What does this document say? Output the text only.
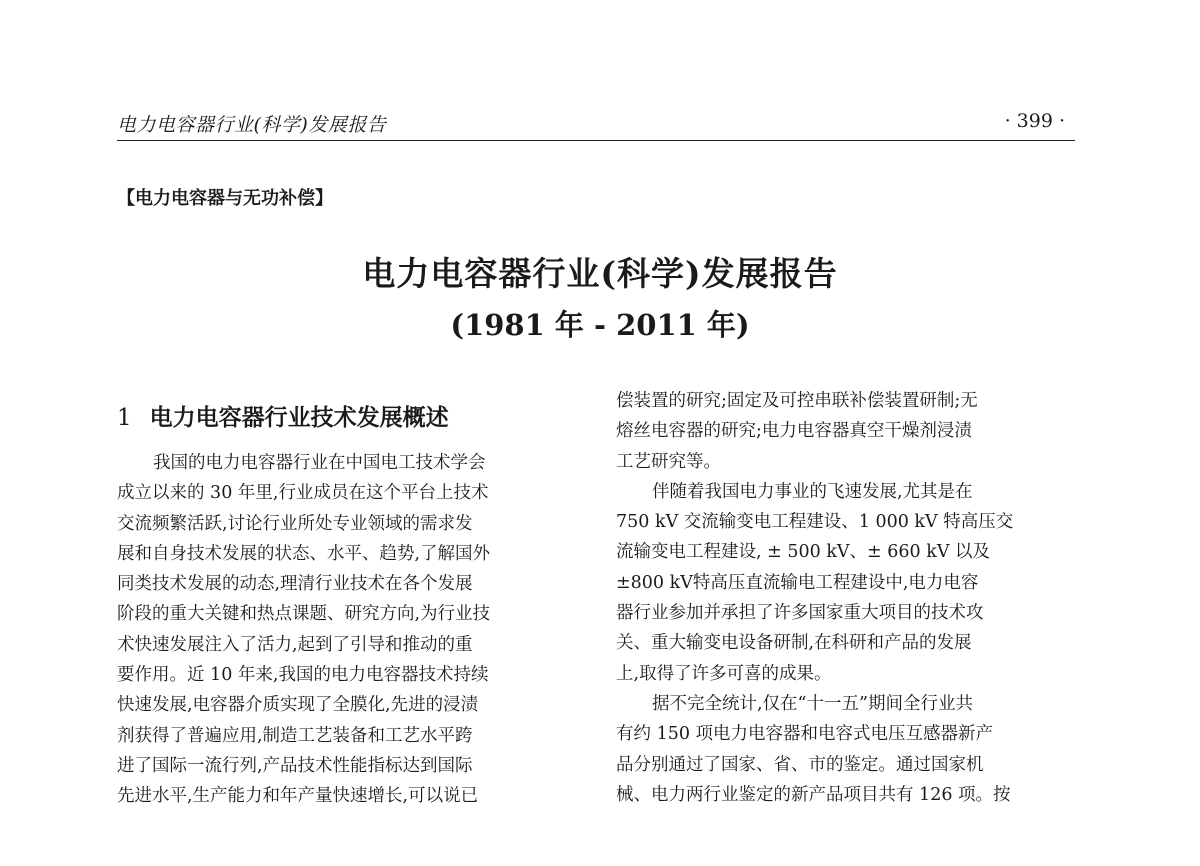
电力电容器行业(科学)发展报告	· 399 ·
【电力电容器与无功补偿】
电力电容器行业(科学)发展报告
(1981 年 - 2011 年)
1 电力电容器行业技术发展概述
我国的电力电容器行业在中国电工技术学会
成立以来的 30 年里,行业成员在这个平台上技术
交流频繁活跃,讨论行业所处专业领域的需求发
展和自身技术发展的状态、水平、趋势,了解国外
同类技术发展的动态,理清行业技术在各个发展
阶段的重大关键和热点课题、研究方向,为行业技
术快速发展注入了活力,起到了引导和推动的重
要作用。近 10 年来,我国的电力电容器技术持续
快速发展,电容器介质实现了全膜化,先进的浸渍
剂获得了普遍应用,制造工艺装备和工艺水平跨
进了国际一流行列,产品技术性能指标达到国际
先进水平,生产能力和年产量快速增长,可以说已
偿装置的研究;固定及可控串联补偿装置研制;无
熔丝电容器的研究;电力电容器真空干燥剂浸渍
工艺研究等。
伴随着我国电力事业的飞速发展,尤其是在
750 kV 交流输变电工程建设、1 000 kV 特高压交
流输变电工程建设, ± 500 kV、± 660 kV 以及
±800 kV特高压直流输电工程建设中,电力电容
器行业参加并承担了许多国家重大项目的技术攻
关、重大输变电设备研制,在科研和产品的发展
上,取得了许多可喜的成果。
据不完全统计,仅在“十一五”期间全行业共
有约 150 项电力电容器和电容式电压互感器新产
品分别通过了国家、省、市的鉴定。通过国家机
械、电力两行业鉴定的新产品项目共有 126 项。按
